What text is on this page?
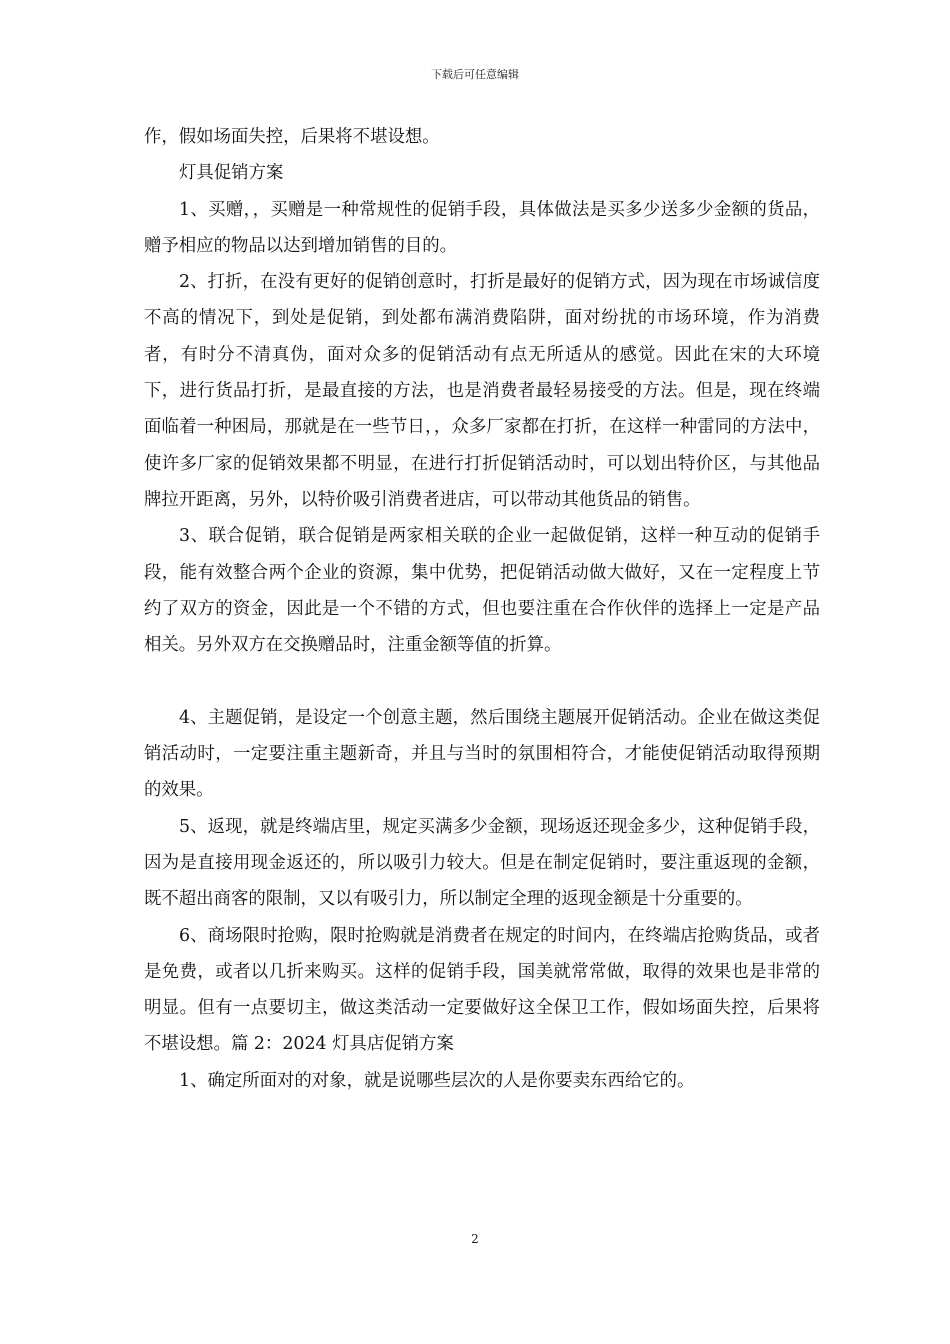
下载后可任意编辑

作，假如场面失控，后果将不堪设想。

灯具促销方案

1、买赠，，买赠是一种常规性的促销手段，具体做法是买多少送多少金额的货品，赠予相应的物品以达到增加销售的目的。

2、打折，在没有更好的促销创意时，打折是最好的促销方式，因为现在市场诚信度不高的情况下，到处是促销，到处都布满消费陷阱，面对纷扰的市场环境，作为消费者，有时分不清真伪，面对众多的促销活动有点无所适从的感觉。因此在宋的大环境下，进行货品打折，是最直接的方法，也是消费者最轻易接受的方法。但是，现在终端面临着一种困局，那就是在一些节日，，众多厂家都在打折，在这样一种雷同的方法中，使许多厂家的促销效果都不明显，在进行打折促销活动时，可以划出特价区，与其他品牌拉开距离，另外，以特价吸引消费者进店，可以带动其他货品的销售。

3、联合促销，联合促销是两家相关联的企业一起做促销，这样一种互动的促销手段，能有效整合两个企业的资源，集中优势，把促销活动做大做好，又在一定程度上节约了双方的资金，因此是一个不错的方式，但也要注重在合作伙伴的选择上一定是产品相关。另外双方在交换赠品时，注重金额等值的折算。

4、主题促销，是设定一个创意主题，然后围绕主题展开促销活动。企业在做这类促销活动时，一定要注重主题新奇，并且与当时的氛围相符合，才能使促销活动取得预期的效果。

5、返现，就是终端店里，规定买满多少金额，现场返还现金多少，这种促销手段，因为是直接用现金返还的，所以吸引力较大。但是在制定促销时，要注重返现的金额，既不超出商客的限制，又以有吸引力，所以制定全理的返现金额是十分重要的。

6、商场限时抢购，限时抢购就是消费者在规定的时间内，在终端店抢购货品，或者是免费，或者以几折来购买。这样的促销手段，国美就常常做，取得的效果也是非常的明显。但有一点要切主，做这类活动一定要做好这全保卫工作，假如场面失控，后果将不堪设想。篇 2：2024 灯具店促销方案

1、确定所面对的对象，就是说哪些层次的人是你要卖东西给它的。

2
